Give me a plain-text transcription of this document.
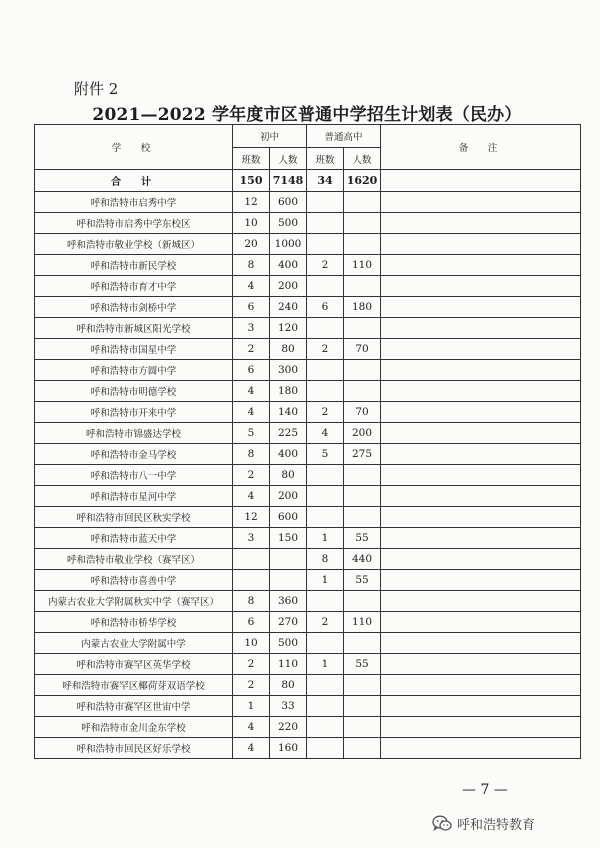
附件 2
2021—2022 学年度市区普通中学招生计划表（民办）
学　校	初中		普通高中		备　注
	班数	人数	班数	人数	
合　计	150	7148	34	1620	
呼和浩特市启秀中学	12	600			
呼和浩特市启秀中学东校区	10	500			
呼和浩特市敬业学校（新城区）	20	1000			
呼和浩特市新民学校	8	400	2	110	
呼和浩特市育才中学	4	200			
呼和浩特市剑桥中学	6	240	6	180	
呼和浩特市新城区阳光学校	3	120			
呼和浩特市国星中学	2	80	2	70	
呼和浩特市方圆中学	6	300			
呼和浩特市明德学校	4	180			
呼和浩特市开来中学	4	140	2	70	
呼和浩特市锦盛达学校	5	225	4	200	
呼和浩特市金马学校	8	400	5	275	
呼和浩特市八一中学	2	80			
呼和浩特市星河中学	4	200			
呼和浩特市回民区秋实学校	12	600			
呼和浩特市蓝天中学	3	150	1	55	
呼和浩特市敬业学校（赛罕区）			8	440	
呼和浩特市喜善中学			1	55	
内蒙古农业大学附属秋实中学（赛罕区）	8	360			
呼和浩特市桥华学校	6	270	2	110	
内蒙古农业大学附属中学	10	500			
呼和浩特市赛罕区英华学校	2	110	1	55	
呼和浩特市赛罕区椰荷芽双语学校	2	80			
呼和浩特市赛罕区世宙中学	1	33			
呼和浩特市金川金东学校	4	220			
呼和浩特市回民区好乐学校	4	160			
— 7 —
呼和浩特教育
